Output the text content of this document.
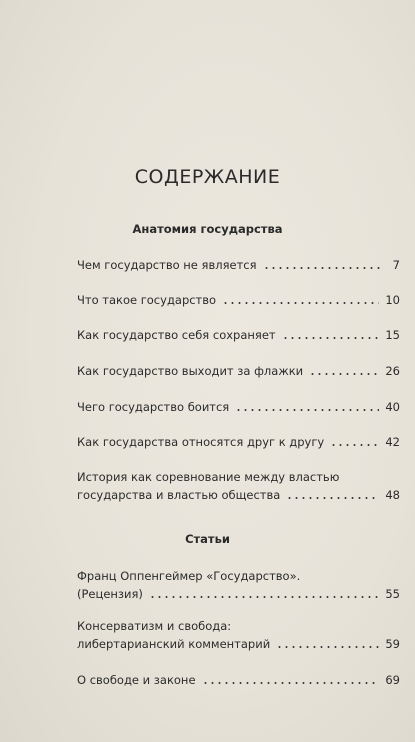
СОДЕРЖАНИЕ
Анатомия государства
Чем государство не является	7
Что такое государство	10
Как государство себя сохраняет	15
Как государство выходит за флажки	26
Чего государство боится	40
Как государства относятся друг к другу	42
История как соревнование между властью
государства и властью общества	48
Статьи
Франц Оппенгеймер «Государство».
(Рецензия)	55
Консерватизм и свобода:
либертарианский комментарий	59
О свободе и законе	69
